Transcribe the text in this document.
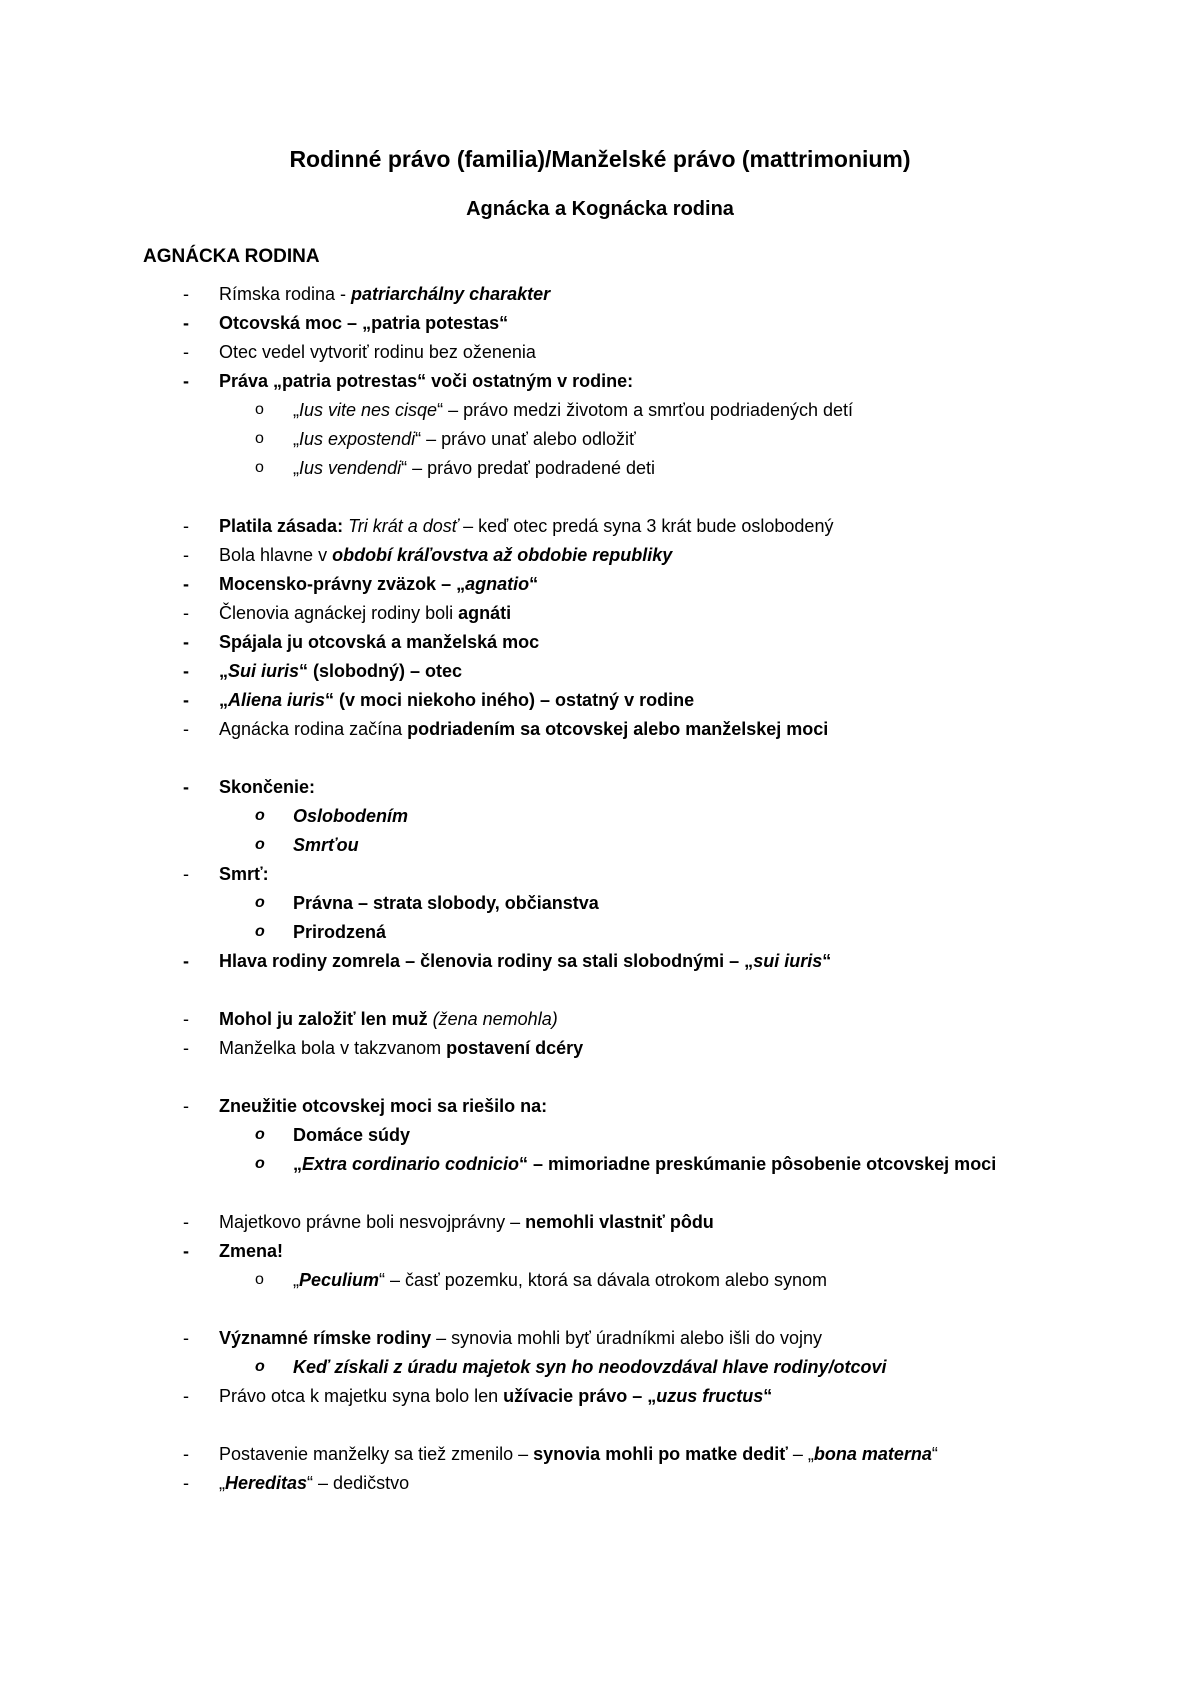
Rodinné právo (familia)/Manželské právo (mattrimonium)
Agnácka a Kognácka rodina
AGNÁCKA RODINA
-	Rímska rodina - patriarchálny charakter
-	Otcovská moc – „patria potestas“
-	Otec vedel vytvoriť rodinu bez oženenia
-	Práva „patria potrestas“ voči ostatným v rodine:
o	„Ius vite nes cisqe“ – právo medzi životom a smrťou podriadených detí
o	„Ius expostendi“ – právo unať alebo odložiť
o	„Ius vendendi“ – právo predať podradené deti
-	Platila zásada: Tri krát a dosť – keď otec predá syna 3 krát bude oslobodený
-	Bola hlavne v období kráľovstva až obdobie republiky
-	Mocensko-právny zväzok – „agnatio“
-	Členovia agnáckej rodiny boli agnáti
-	Spájala ju otcovská a manželská moc
-	„Sui iuris“ (slobodný) – otec
-	„Aliena iuris“ (v moci niekoho iného) – ostatný v rodine
-	Agnácka rodina začína podriadením sa otcovskej alebo manželskej moci
-	Skončenie:
o	Oslobodením
o	Smrťou
-	Smrť:
o	Právna – strata slobody, občianstva
o	Prirodzená
-	Hlava rodiny zomrela – členovia rodiny sa stali slobodnými – „sui iuris“
-	Mohol ju založiť len muž (žena nemohla)
-	Manželka bola v takzvanom postavení dcéry
-	Zneužitie otcovskej moci sa riešilo na:
o	Domáce súdy
o	„Extra cordinario codnicio“ – mimoriadne preskúmanie pôsobenie otcovskej moci
-	Majetkovo právne boli nesvojprávny – nemohli vlastniť pôdu
-	Zmena!
o	„Peculium“ – časť pozemku, ktorá sa dávala otrokom alebo synom
-	Významné rímske rodiny – synovia mohli byť úradníkmi alebo išli do vojny
o	Keď získali z úradu majetok syn ho neodovzdával hlave rodiny/otcovi
-	Právo otca k majetku syna bolo len užívacie právo – „uzus fructus“
-	Postavenie manželky sa tiež zmenilo – synovia mohli po matke dediť – „bona materna“
-	„Hereditas“ – dedičstvo
